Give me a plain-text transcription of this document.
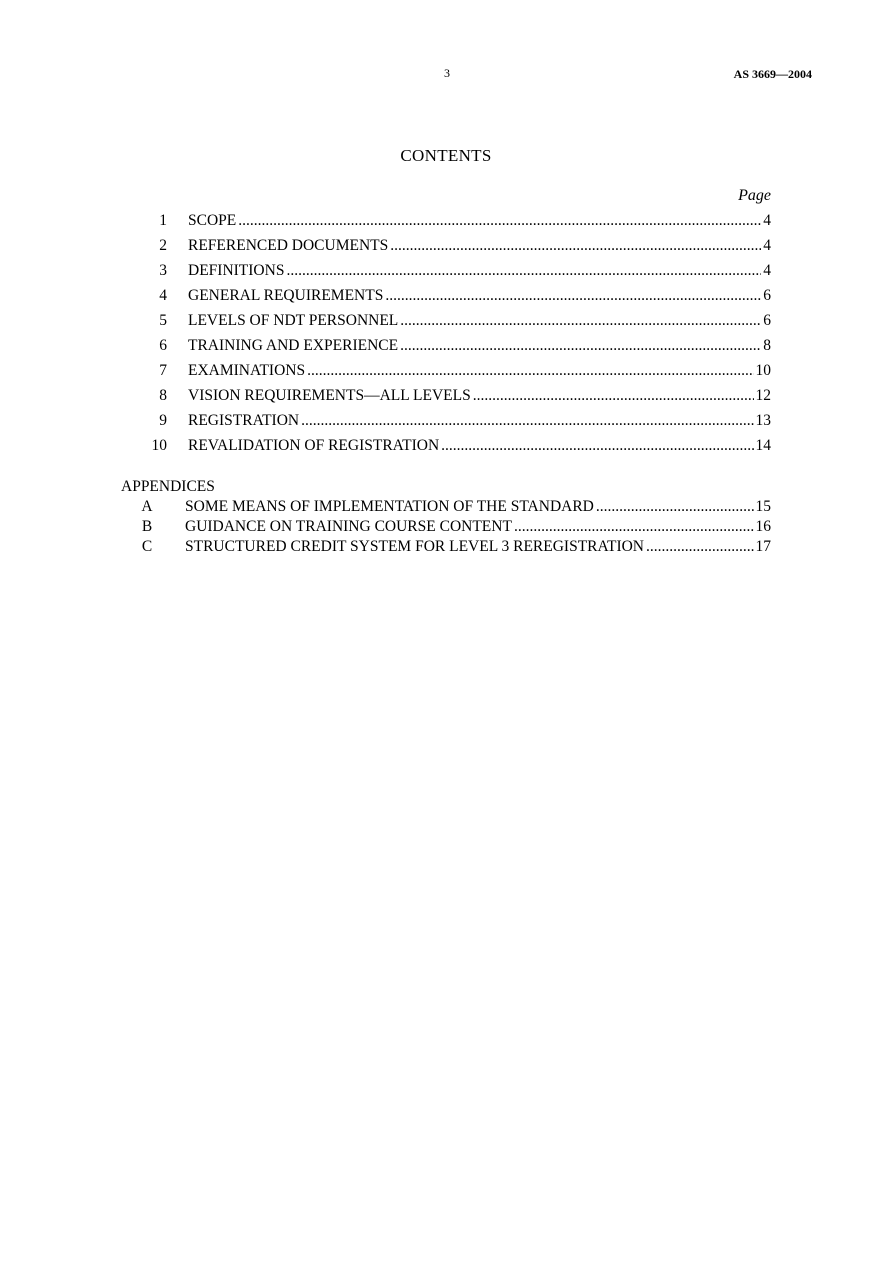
3	AS 3669—2004
CONTENTS
Page
1 SCOPE .....	4
2 REFERENCED DOCUMENTS .....	4
3 DEFINITIONS .....	4
4 GENERAL REQUIREMENTS .....	6
5 LEVELS OF NDT PERSONNEL .....	6
6 TRAINING AND EXPERIENCE .....	8
7 EXAMINATIONS .....	10
8 VISION REQUIREMENTS—ALL LEVELS .....	12
9 REGISTRATION .....	13
10 REVALIDATION OF REGISTRATION .....	14
APPENDICES
A SOME MEANS OF IMPLEMENTATION OF THE STANDARD .....	15
B GUIDANCE ON TRAINING COURSE CONTENT .....	16
C STRUCTURED CREDIT SYSTEM FOR LEVEL 3 REREGISTRATION .....	17
